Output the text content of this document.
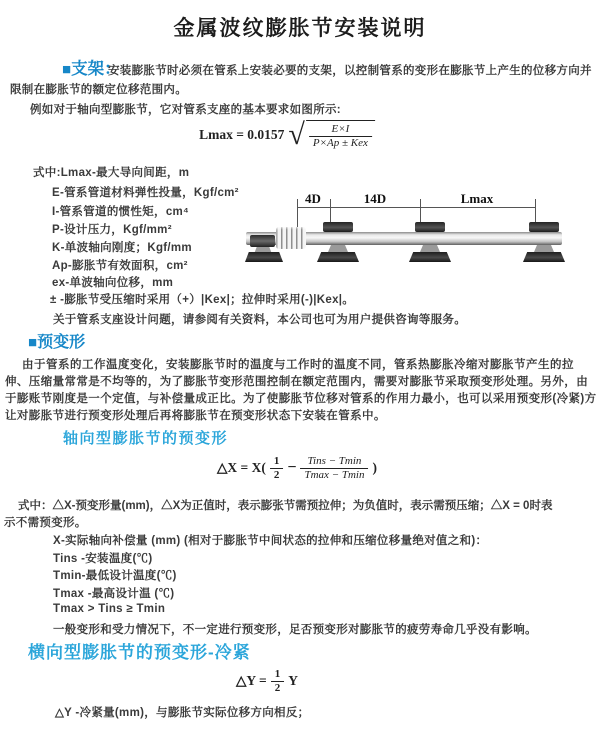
金属波纹膨胀节安装说明
■支架：
安装膨胀节时必须在管系上安装必要的支架，以控制管系的变形在膨胀节上产生的位移方向并
限制在膨胀节的额定位移范围内。
例如对于轴向型膨胀节，它对管系支座的基本要求如图所示:
Lmax = 0.0157 √ $\frac{E\times I}{\text{P×Ap ± Kex}}$
式中:Lmax-最大导向间距，m
E-管系管道材料弹性投量，Kgf/cm²
I-管系管道的惯性矩，cm⁴
P-设计压力，Kgf/mm²
K-单波轴向刚度；Kgf/mm
Ap-膨胀节有效面积，cm²
ex-单波轴向位移，mm
± -膨胀节受压缩时采用（+）|Kex|；拉伸时采用(-)|Kex|。
关于管系支座设计问题，请参阅有关资料，本公司也可为用户提供咨询等服务。
4D	14D	Lmax
■预变形
由于管系的工作温度变化，安装膨胀节时的温度与工作时的温度不同，管系热膨胀冷缩对膨胀节产生的拉
伸、压缩量常常是不均等的，为了膨胀节变形范围控制在额定范围内，需要对膨胀节采取预变形处理。另外，由
于膨账节刚度是一个定值，与补偿量成正比。为了使膨胀节位移对管系的作用力最小，也可以采用预变形(冷紧)方
让对膨胀节进行预变形处理后再将膨胀节在预变形状态下安装在管系中。
轴向型膨胀节的预变形
△X = $X( \frac{1}{2} - \frac{\text{Tins − Tmin}}{Tmax - Tmin}$ )
式中：△X-预变形量(mm)，△X为正值时，表示膨张节需预拉伸；为负值时，表示需预压缩；△X = 0时表
示不需预变形。
X-实际轴向补偿量 (mm) (相对于膨胀节中间状态的拉伸和压缩位移量绝对值之和)：
Tins -安装温度(℃)
Tmin-最低设计温度(℃)
Tmax -最高设计温 (℃)
Tmax > Tins ≥ Tmin
一般变形和受力情况下，不一定进行预变形，足否预变形对膨胀节的疲劳寿命几乎没有影响。
横向型膨胀节的预变形-冷紧
△Y = $\frac{1}{2}$ Y
△Y -冷紧量(mm)，与膨胀节实际位移方向相反；
